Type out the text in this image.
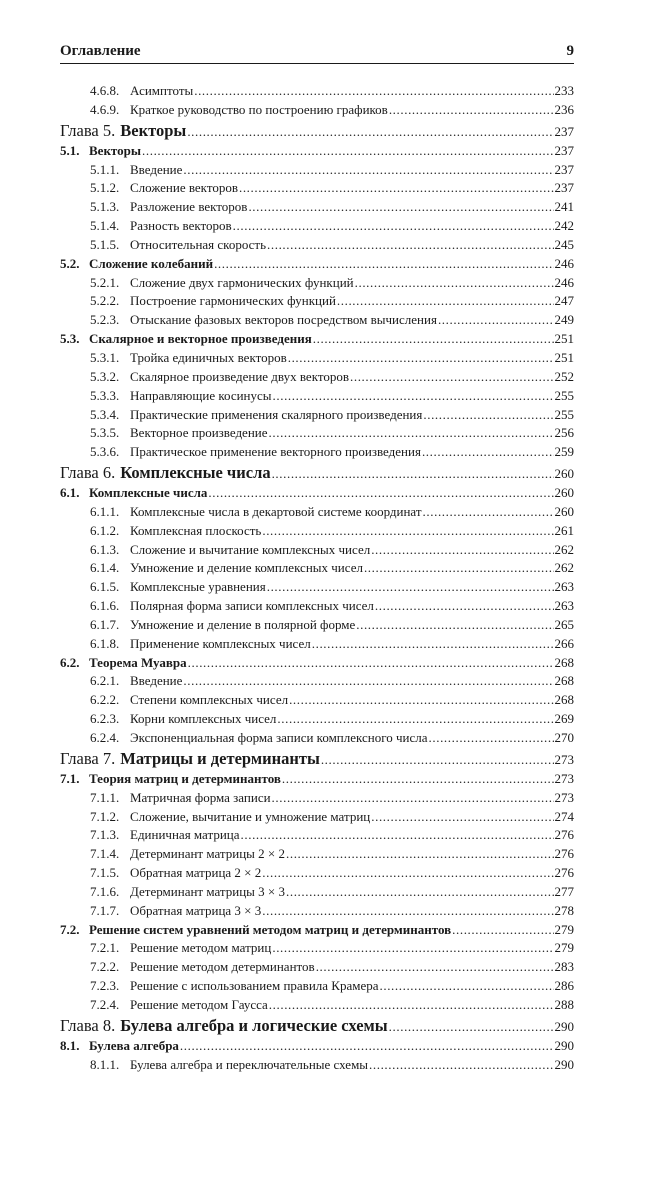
Оглавление	9
4.6.8. Асимптоты .....	233
4.6.9. Краткое руководство по построению графиков .....	236
Глава 5. Векторы .....	237
5.1. Векторы .....	237
5.1.1. Введение .....	237
5.1.2. Сложение векторов .....	237
5.1.3. Разложение векторов .....	241
5.1.4. Разность векторов .....	242
5.1.5. Относительная скорость .....	245
5.2. Сложение колебаний .....	246
5.2.1. Сложение двух гармонических функций .....	246
5.2.2. Построение гармонических функций .....	247
5.2.3. Отыскание фазовых векторов посредством вычисления .....	249
5.3. Скалярное и векторное произведения .....	251
5.3.1. Тройка единичных векторов .....	251
5.3.2. Скалярное произведение двух векторов .....	252
5.3.3. Направляющие косинусы .....	255
5.3.4. Практические применения скалярного произведения .....	255
5.3.5. Векторное произведение .....	256
5.3.6. Практическое применение векторного произведения .....	259
Глава 6. Комплексные числа .....	260
6.1. Комплексные числа .....	260
6.1.1. Комплексные числа в декартовой системе координат .....	260
6.1.2. Комплексная плоскость .....	261
6.1.3. Сложение и вычитание комплексных чисел .....	262
6.1.4. Умножение и деление комплексных чисел .....	262
6.1.5. Комплексные уравнения .....	263
6.1.6. Полярная форма записи комплексных чисел .....	263
6.1.7. Умножение и деление в полярной форме .....	265
6.1.8. Применение комплексных чисел .....	266
6.2. Теорема Муавра .....	268
6.2.1. Введение .....	268
6.2.2. Степени комплексных чисел .....	268
6.2.3. Корни комплексных чисел .....	269
6.2.4. Экспоненциальная форма записи комплексного числа .....	270
Глава 7. Матрицы и детерминанты .....	273
7.1. Теория матриц и детерминантов .....	273
7.1.1. Матричная форма записи .....	273
7.1.2. Сложение, вычитание и умножение матриц .....	274
7.1.3. Единичная матрица .....	276
7.1.4. Детерминант матрицы 2 × 2 .....	276
7.1.5. Обратная матрица 2 × 2 .....	276
7.1.6. Детерминант матрицы 3 × 3 .....	277
7.1.7. Обратная матрица 3 × 3 .....	278
7.2. Решение систем уравнений методом матриц и детерминантов .....	279
7.2.1. Решение методом матриц .....	279
7.2.2. Решение методом детерминантов .....	283
7.2.3. Решение с использованием правила Крамера .....	286
7.2.4. Решение методом Гаусса .....	288
Глава 8. Булева алгебра и логические схемы .....	290
8.1. Булева алгебра .....	290
8.1.1. Булева алгебра и переключательные схемы .....	290
